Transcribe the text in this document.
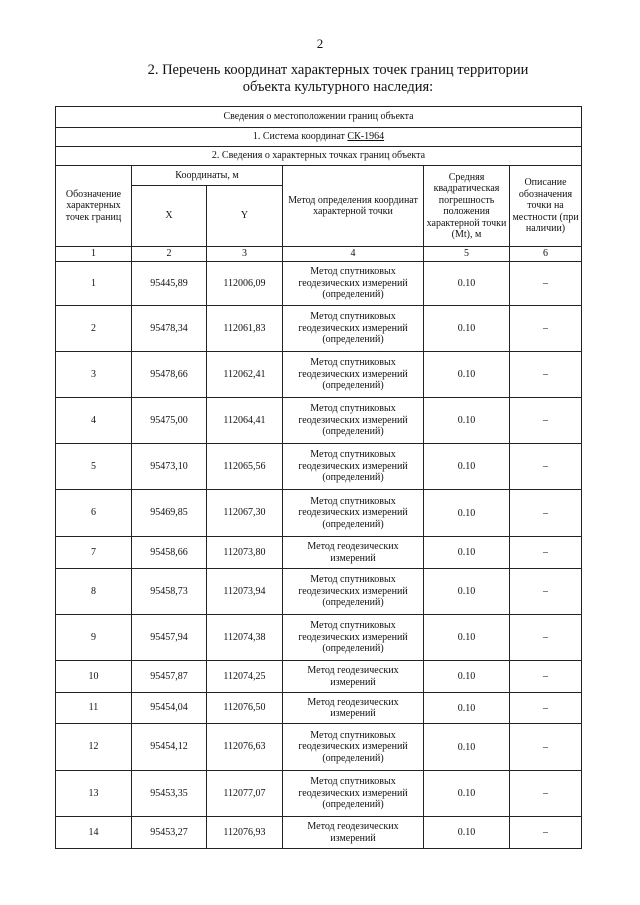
2
2. Перечень координат характерных точек границ территории
объекта культурного наследия:
Сведения о местоположении границ объекта					
1. Система координат СК-1964					
2. Сведения о характерных точках границ объекта					
Обозначение характерных точек границ	Координаты, м		Метод определения координат характерной точки	Средняя квадратическая погрешность положения характерной точки (Mt), м	Описание обозначения точки на местности (при наличии)
	X	Y			
1	2	3	4	5	6
1	95445,89	112006,09	Метод спутниковых геодезических измерений (определений)	0.10	–
2	95478,34	112061,83	Метод спутниковых геодезических измерений (определений)	0.10	–
3	95478,66	112062,41	Метод спутниковых геодезических измерений (определений)	0.10	–
4	95475,00	112064,41	Метод спутниковых геодезических измерений (определений)	0.10	–
5	95473,10	112065,56	Метод спутниковых геодезических измерений (определений)	0.10	–
6	95469,85	112067,30	Метод спутниковых геодезических измерений (определений)	0.10	–
7	95458,66	112073,80	Метод геодезических измерений	0.10	–
8	95458,73	112073,94	Метод спутниковых геодезических измерений (определений)	0.10	–
9	95457,94	112074,38	Метод спутниковых геодезических измерений (определений)	0.10	–
10	95457,87	112074,25	Метод геодезических измерений	0.10	–
11	95454,04	112076,50	Метод геодезических измерений	0.10	–
12	95454,12	112076,63	Метод спутниковых геодезических измерений (определений)	0.10	–
13	95453,35	112077,07	Метод спутниковых геодезических измерений (определений)	0.10	–
14	95453,27	112076,93	Метод геодезических измерений	0.10	–
